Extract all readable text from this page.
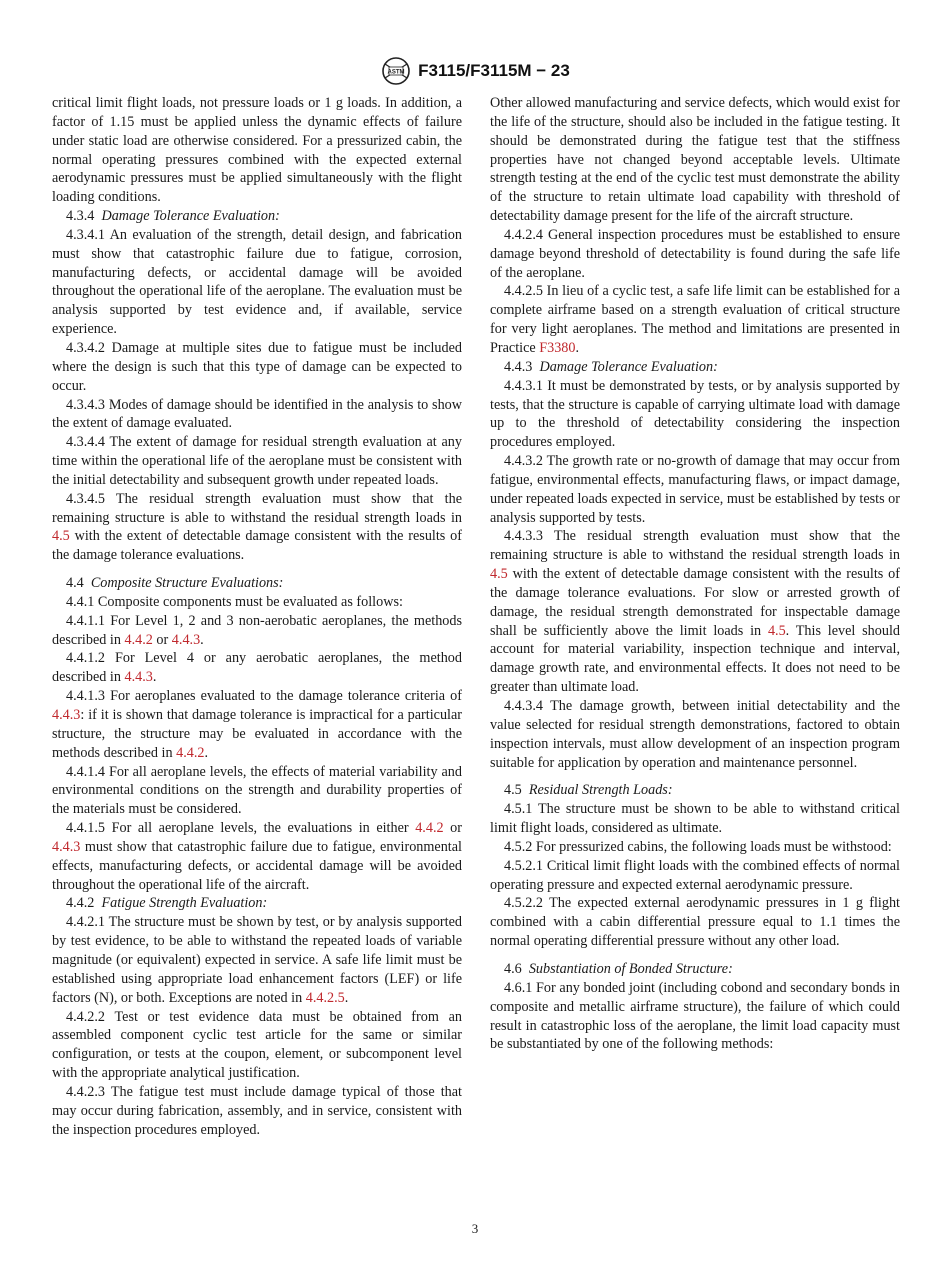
ASTM F3115/F3115M − 23

critical limit flight loads, not pressure loads or 1 g loads. In addition, a factor of 1.15 must be applied unless the dynamic effects of failure under static load are otherwise considered. For a pressurized cabin, the normal operating pressures combined with the expected external aerodynamic pressures must be applied simultaneously with the flight loading conditions.

4.3.4 Damage Tolerance Evaluation:

4.3.4.1 An evaluation of the strength, detail design, and fabrication must show that catastrophic failure due to fatigue, corrosion, manufacturing defects, or accidental damage will be avoided throughout the operational life of the aeroplane. The evaluation must be analysis supported by test evidence and, if available, service experience.

4.3.4.2 Damage at multiple sites due to fatigue must be included where the design is such that this type of damage can be expected to occur.

4.3.4.3 Modes of damage should be identified in the analysis to show the extent of damage evaluated.

4.3.4.4 The extent of damage for residual strength evaluation at any time within the operational life of the aeroplane must be consistent with the initial detectability and subsequent growth under repeated loads.

4.3.4.5 The residual strength evaluation must show that the remaining structure is able to withstand the residual strength loads in 4.5 with the extent of detectable damage consistent with the results of the damage tolerance evaluations.

4.4 Composite Structure Evaluations:

4.4.1 Composite components must be evaluated as follows:

4.4.1.1 For Level 1, 2 and 3 non-aerobatic aeroplanes, the methods described in 4.4.2 or 4.4.3.

4.4.1.2 For Level 4 or any aerobatic aeroplanes, the method described in 4.4.3.

4.4.1.3 For aeroplanes evaluated to the damage tolerance criteria of 4.4.3: if it is shown that damage tolerance is impractical for a particular structure, the structure may be evaluated in accordance with the methods described in 4.4.2.

4.4.1.4 For all aeroplane levels, the effects of material variability and environmental conditions on the strength and durability properties of the materials must be considered.

4.4.1.5 For all aeroplane levels, the evaluations in either 4.4.2 or 4.4.3 must show that catastrophic failure due to fatigue, environmental effects, manufacturing defects, or accidental damage will be avoided throughout the operational life of the aircraft.

4.4.2 Fatigue Strength Evaluation:

4.4.2.1 The structure must be shown by test, or by analysis supported by test evidence, to be able to withstand the repeated loads of variable magnitude (or equivalent) expected in service. A safe life limit must be established using appropriate load enhancement factors (LEF) or life factors (N), or both. Exceptions are noted in 4.4.2.5.

4.4.2.2 Test or test evidence data must be obtained from an assembled component cyclic test article for the same or similar configuration, or tests at the coupon, element, or subcomponent level with the appropriate analytical justification.

4.4.2.3 The fatigue test must include damage typical of those that may occur during fabrication, assembly, and in service, consistent with the inspection procedures employed.

Other allowed manufacturing and service defects, which would exist for the life of the structure, should also be included in the fatigue testing. It should be demonstrated during the fatigue test that the stiffness properties have not changed beyond acceptable levels. Ultimate strength testing at the end of the cyclic test must demonstrate the ability of the structure to retain ultimate load capability with threshold of detectability damage present for the life of the aircraft structure.

4.4.2.4 General inspection procedures must be established to ensure damage beyond threshold of detectability is found during the safe life of the aeroplane.

4.4.2.5 In lieu of a cyclic test, a safe life limit can be established for a complete airframe based on a strength evaluation of critical structure for very light aeroplanes. The method and limitations are presented in Practice F3380.

4.4.3 Damage Tolerance Evaluation:

4.4.3.1 It must be demonstrated by tests, or by analysis supported by tests, that the structure is capable of carrying ultimate load with damage up to the threshold of detectability considering the inspection procedures employed.

4.4.3.2 The growth rate or no-growth of damage that may occur from fatigue, environmental effects, manufacturing flaws, or impact damage, under repeated loads expected in service, must be established by tests or analysis supported by tests.

4.4.3.3 The residual strength evaluation must show that the remaining structure is able to withstand the residual strength loads in 4.5 with the extent of detectable damage consistent with the results of the damage tolerance evaluations. For slow or arrested growth of damage, the residual strength demonstrated for inspectable damage shall be sufficiently above the limit loads in 4.5. This level should account for material variability, inspection technique and interval, damage growth rate, and environmental effects. It does not need to be greater than ultimate load.

4.4.3.4 The damage growth, between initial detectability and the value selected for residual strength demonstrations, factored to obtain inspection intervals, must allow development of an inspection program suitable for application by operation and maintenance personnel.

4.5 Residual Strength Loads:

4.5.1 The structure must be shown to be able to withstand critical limit flight loads, considered as ultimate.

4.5.2 For pressurized cabins, the following loads must be withstood:

4.5.2.1 Critical limit flight loads with the combined effects of normal operating pressure and expected external aerodynamic pressure.

4.5.2.2 The expected external aerodynamic pressures in 1 g flight combined with a cabin differential pressure equal to 1.1 times the normal operating differential pressure without any other load.

4.6 Substantiation of Bonded Structure:

4.6.1 For any bonded joint (including cobond and secondary bonds in composite and metallic airframe structure), the failure of which could result in catastrophic loss of the aeroplane, the limit load capacity must be substantiated by one of the following methods:

3
